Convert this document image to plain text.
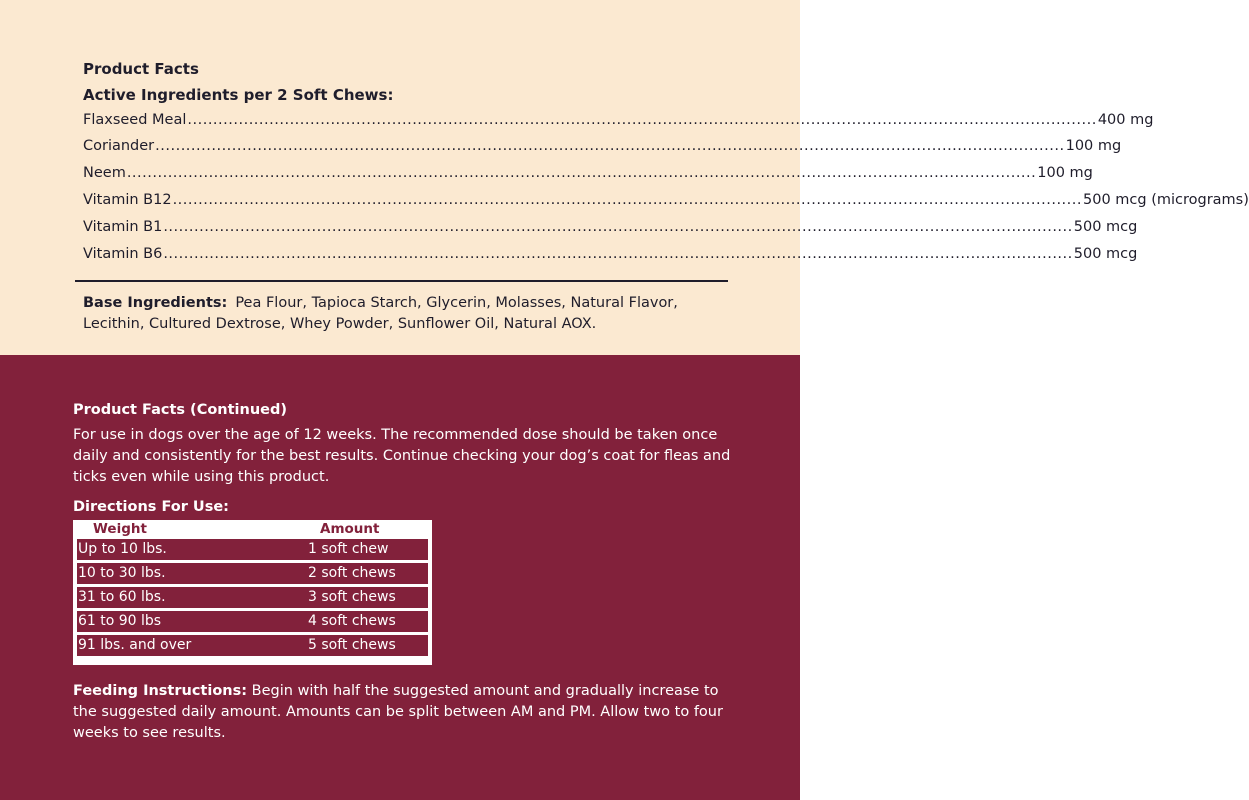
Product Facts
Active Ingredients per 2 Soft Chews:
Flaxseed Meal .................................................................................................................................................................................. 400 mg
Coriander .................................................................................................................................................................................. 100 mg
Neem .................................................................................................................................................................................. 100 mg
Vitamin B12 .................................................................................................................................................................................. 500 mcg (micrograms)
Vitamin B1 .................................................................................................................................................................................. 500 mcg
Vitamin B6 .................................................................................................................................................................................. 500 mcg
Base Ingredients: Pea Flour, Tapioca Starch, Glycerin, Molasses, Natural Flavor, Lecithin, Cultured Dextrose, Whey Powder, Sunflower Oil, Natural AOX.
Product Facts (Continued)
For use in dogs over the age of 12 weeks. The recommended dose should be taken once daily and consistently for the best results. Continue checking your dog’s coat for fleas and ticks even while using this product.
Directions For Use:
Weight	Amount
Up to 10 lbs.	1 soft chew
10 to 30 lbs.	2 soft chews
31 to 60 lbs.	3 soft chews
61 to 90 lbs	4 soft chews
91 lbs. and over	5 soft chews
Feeding Instructions: Begin with half the suggested amount and gradually increase to the suggested daily amount. Amounts can be split between AM and PM. Allow two to four weeks to see results.
